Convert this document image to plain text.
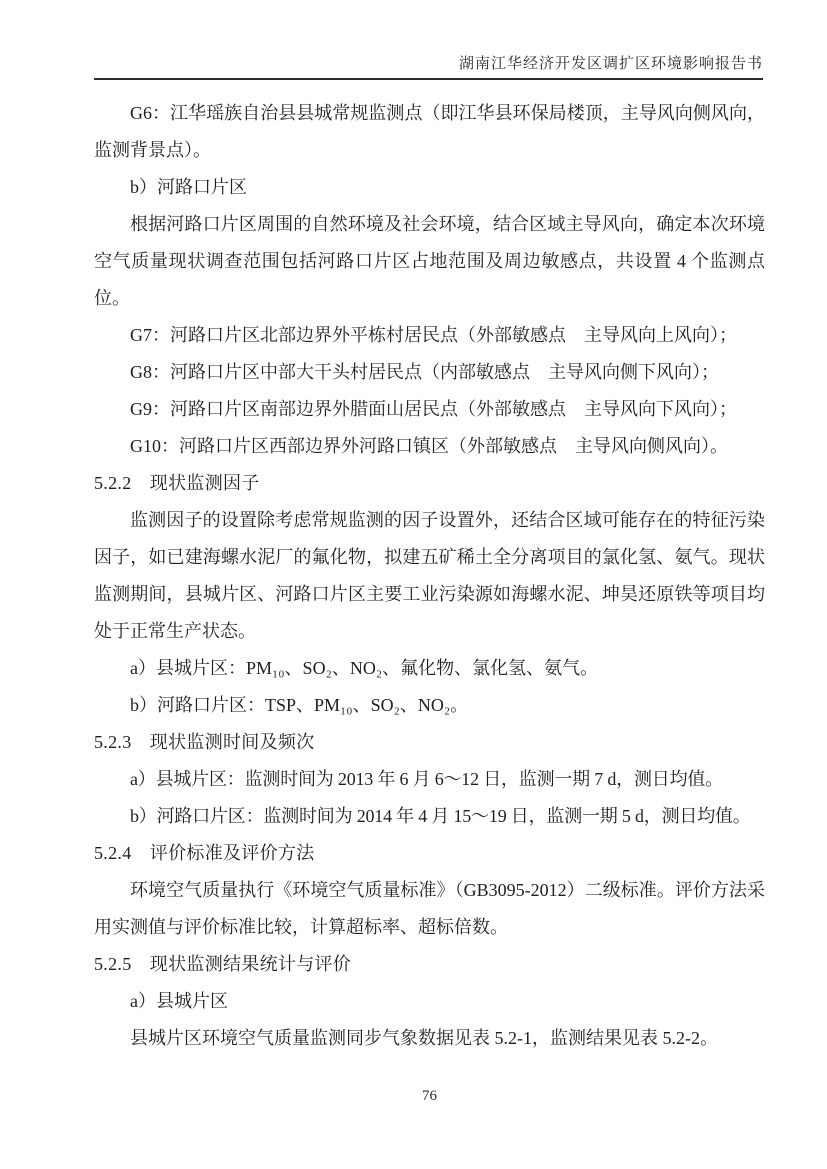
湖南江华经济开发区调扩区环境影响报告书

G6：江华瑶族自治县县城常规监测点（即江华县环保局楼顶，主导风向侧风向，监测背景点）。

b）河路口片区

根据河路口片区周围的自然环境及社会环境，结合区域主导风向，确定本次环境空气质量现状调查范围包括河路口片区占地范围及周边敏感点，共设置 4 个监测点位。

G7：河路口片区北部边界外平栋村居民点（外部敏感点　主导风向上风向）；

G8：河路口片区中部大干头村居民点（内部敏感点　主导风向侧下风向）；

G9：河路口片区南部边界外腊面山居民点（外部敏感点　主导风向下风向）；

G10：河路口片区西部边界外河路口镇区（外部敏感点　主导风向侧风向）。

5.2.2　现状监测因子

监测因子的设置除考虑常规监测的因子设置外，还结合区域可能存在的特征污染因子，如已建海螺水泥厂的氟化物，拟建五矿稀土全分离项目的氯化氢、氨气。现状监测期间，县城片区、河路口片区主要工业污染源如海螺水泥、坤昊还原铁等项目均处于正常生产状态。

a）县城片区：PM₁₀、SO₂、NO₂、氟化物、氯化氢、氨气。

b）河路口片区：TSP、PM₁₀、SO₂、NO₂。

5.2.3　现状监测时间及频次

a）县城片区：监测时间为 2013 年 6 月 6～12 日，监测一期 7 d，测日均值。

b）河路口片区：监测时间为 2014 年 4 月 15～19 日，监测一期 5 d，测日均值。

5.2.4　评价标准及评价方法

环境空气质量执行《环境空气质量标准》（GB3095-2012）二级标准。评价方法采用实测值与评价标准比较，计算超标率、超标倍数。

5.2.5　现状监测结果统计与评价

a）县城片区

县城片区环境空气质量监测同步气象数据见表 5.2-1，监测结果见表 5.2-2。

76
